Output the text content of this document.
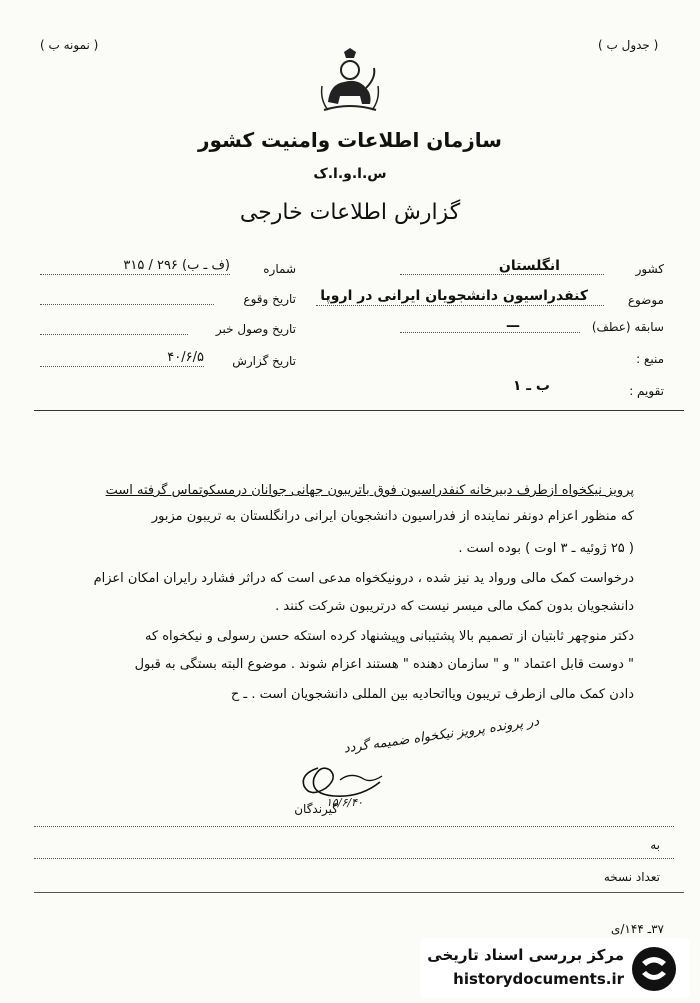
( جدول ب )
( نمونه ب )
سازمان اطلاعات وامنیت کشور
س.ا.و.ا.ک
گزارش اطلاعات خارجی
کشور
انگلستان
موضوع
کنفدراسیون دانشجویان ایرانی در اروپا
سابقه (عطف)
—
منبع :
تقویم :
ب ـ ۱
شماره
(ف ـ ب) ۲۹۶ / ۳۱۵
تاریخ وقوع
تاریخ وصول خبر
تاریخ گزارش
۴۰/۶/۵
پرویز نیکخواه ازطرف دبیرخانه کنفدراسیون فوق باتریبون جهانی جوانان درمسکوتماس گرفته است
که منظور اعزام دونفر نماینده از فدراسیون دانشجویان ایرانی درانگلستان به تریبون مزبور
( ۲۵ ژوئیه ـ ۳ اوت ) بوده است .
درخواست کمک مالی ورواد ید نیز شده ، درونیکخواه مدعی است که دراثر فشارد رایران امکان اعزام
دانشجویان بدون کمک مالی میسر نیست که درتریبون شرکت کنند .
دکتر منوچهر ثابتیان از تصمیم بالا پشتیبانی وپیشنهاد کرده استکه حسن رسولی و نیکخواه که
" دوست قابل اعتماد " و " سازمان دهنده " هستند اعزام شوند . موضوع البته بستگی به قبول
دادن کمک مالی ازطرف تریبون ویااتحادیه بین المللی دانشجویان است . ـ ح
در پرونده پرویز نیکخواه ضمیمه گردد
۱۵/۶/۴۰
گیرندگان
به
تعداد نسخه
۳۷ـ ۱۴۴/ی
مرکز بررسی اسناد تاریخی
historydocuments.ir
